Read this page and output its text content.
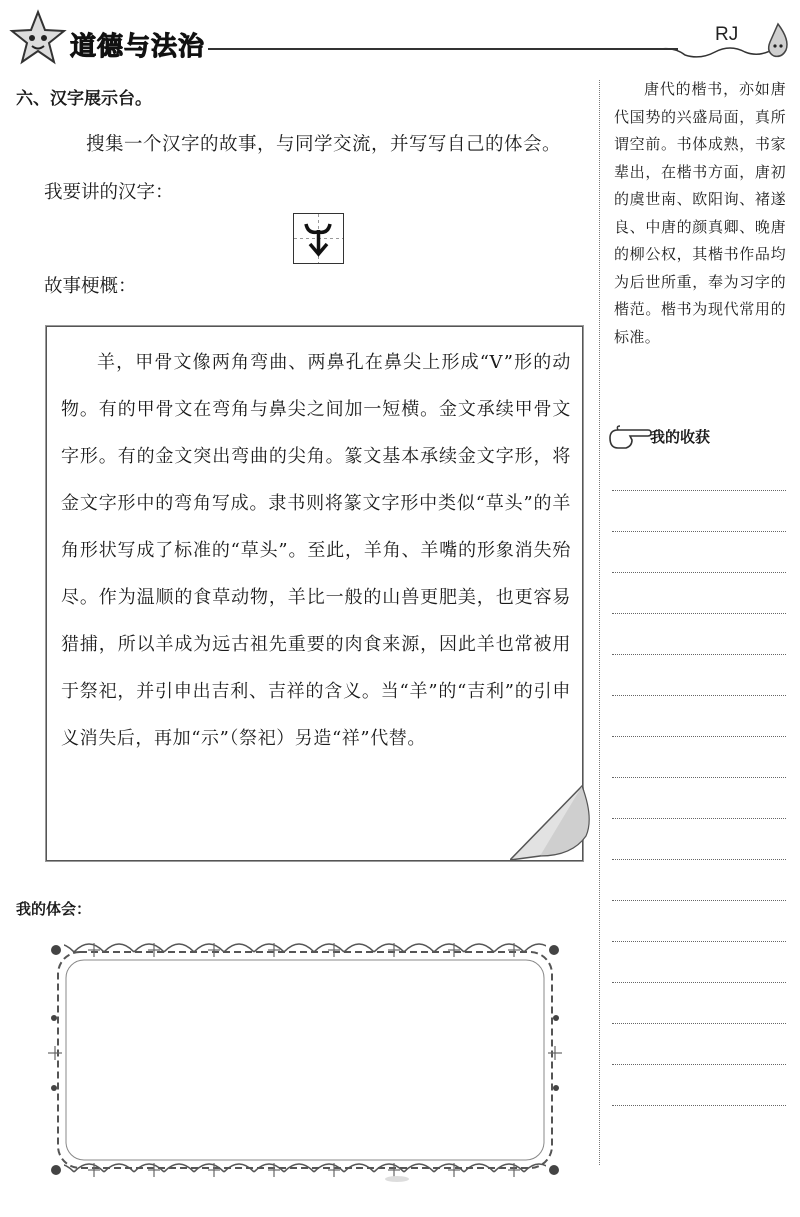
道德与法治	RJ
六、汉字展示台。
搜集一个汉字的故事，与同学交流，并写写自己的体会。
我要讲的汉字：
故事梗概：

羊，甲骨文像两角弯曲、两鼻孔在鼻尖上形成“V”形的动物。有的甲骨文在弯角与鼻尖之间加一短横。金文承续甲骨文字形。有的金文突出弯曲的尖角。篆文基本承续金文字形，将金文字形中的弯角写成。隶书则将篆文字形中类似“草头”的羊角形状写成了标准的“草头”。至此，羊角、羊嘴的形象消失殆尽。作为温顺的食草动物，羊比一般的山兽更肥美，也更容易猎捕，所以羊成为远古祖先重要的肉食来源，因此羊也常被用于祭祀，并引申出吉利、吉祥的含义。当“羊”的“吉利”的引申义消失后，再加“示”（祭祀）另造“祥”代替。

我的体会：

唐代的楷书，亦如唐代国势的兴盛局面，真所谓空前。书体成熟，书家辈出，在楷书方面，唐初的虞世南、欧阳询、褚遂良、中唐的颜真卿、晚唐的柳公权，其楷书作品均为后世所重，奉为习字的楷范。楷书为现代常用的标准。

我的收获
